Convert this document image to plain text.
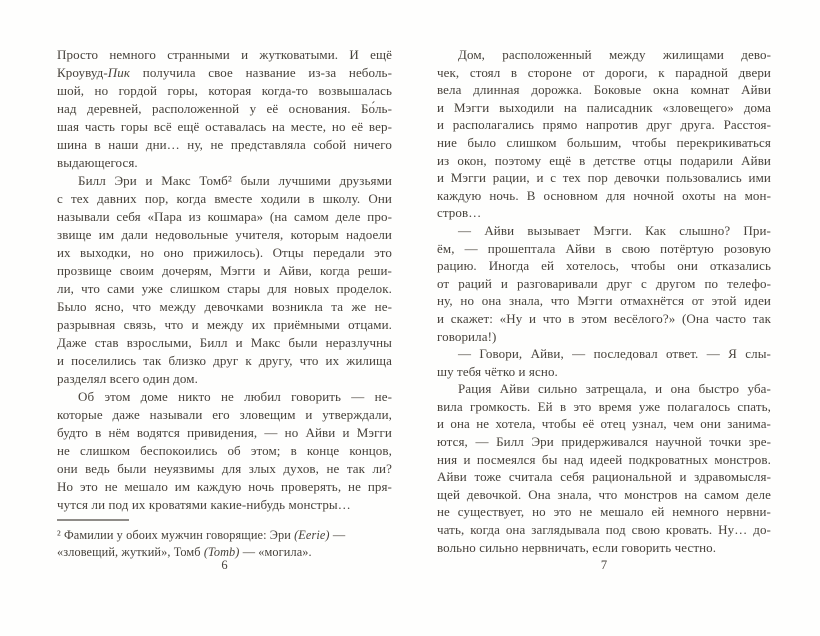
Просто немного странными и жутковатыми. И ещё
Кроувуд-Пик получила свое название из-за неболь-
шой, но гордой горы, которая когда-то возвышалась
над деревней, расположенной у её основания. Бо́ль-
шая часть горы всё ещё оставалась на месте, но её вер-
шина в наши дни… ну, не представляла собой ничего
выдающегося.
Билл Эри и Макс Томб² были лучшими друзьями
с тех давних пор, когда вместе ходили в школу. Они
называли себя «Пара из кошмара» (на самом деле про-
звище им дали недовольные учителя, которым надоели
их выходки, но оно прижилось). Отцы передали это
прозвище своим дочерям, Мэгги и Айви, когда реши-
ли, что сами уже слишком стары для новых проделок.
Было ясно, что между девочками возникла та же не-
разрывная связь, что и между их приёмными отцами.
Даже став взрослыми, Билл и Макс были неразлучны
и поселились так близко друг к другу, что их жилища
разделял всего один дом.
Об этом доме никто не любил говорить — не-
которые даже называли его зловещим и утверждали,
будто в нём водятся привидения, — но Айви и Мэгги
не слишком беспокоились об этом; в конце концов,
они ведь были неуязвимы для злых духов, не так ли?
Но это не мешало им каждую ночь проверять, не пря-
чутся ли под их кроватями какие-нибудь монстры…
² Фамилии у обоих мужчин говорящие: Эри (Eerie) —
«зловещий, жуткий», Томб (Tomb) — «могила».
6
Дом, расположенный между жилищами дево-
чек, стоял в стороне от дороги, к парадной двери
вела длинная дорожка. Боковые окна комнат Айви
и Мэгги выходили на палисадник «зловещего» дома
и располагались прямо напротив друг друга. Расстоя-
ние было слишком большим, чтобы перекрикиваться
из окон, поэтому ещё в детстве отцы подарили Айви
и Мэгги рации, и с тех пор девочки пользовались ими
каждую ночь. В основном для ночной охоты на мон-
стров…
— Айви вызывает Мэгги. Как слышно? При-
ём, — прошептала Айви в свою потёртую розовую
рацию. Иногда ей хотелось, чтобы они отказались
от раций и разговаривали друг с другом по телефо-
ну, но она знала, что Мэгги отмахнётся от этой идеи
и скажет: «Ну и что в этом весёлого?» (Она часто так
говорила!)
— Говори, Айви, — последовал ответ. — Я слы-
шу тебя чётко и ясно.
Рация Айви сильно затрещала, и она быстро уба-
вила громкость. Ей в это время уже полагалось спать,
и она не хотела, чтобы её отец узнал, чем они занима-
ются, — Билл Эри придерживался научной точки зре-
ния и посмеялся бы над идеей подкроватных монстров.
Айви тоже считала себя рациональной и здравомысля-
щей девочкой. Она знала, что монстров на самом деле
не существует, но это не мешало ей немного нервни-
чать, когда она заглядывала под свою кровать. Ну… до-
вольно сильно нервничать, если говорить честно.
7
